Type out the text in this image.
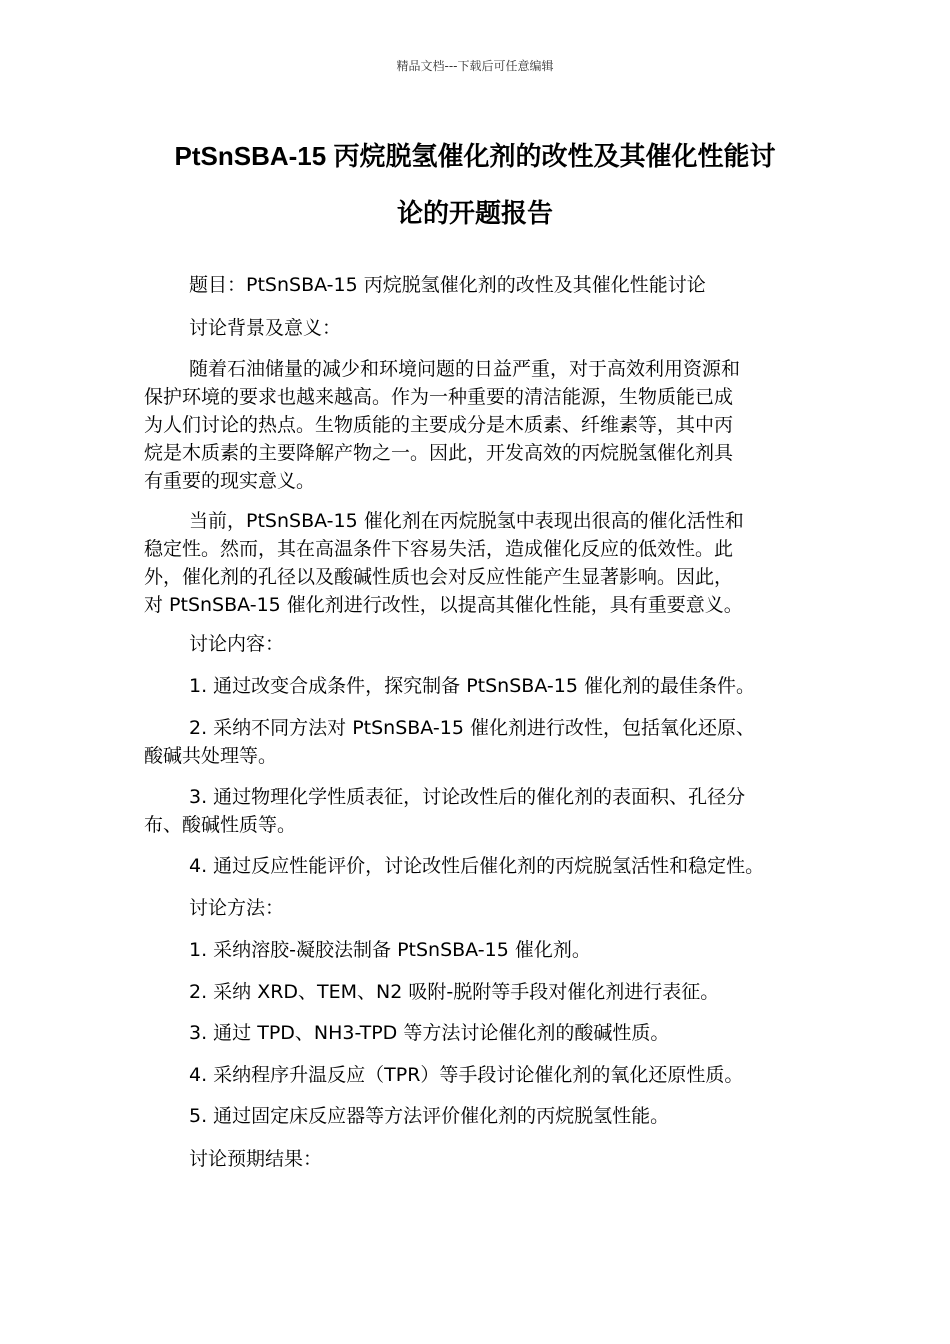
精品文档---下载后可任意编辑
PtSnSBA-15 丙烷脱氢催化剂的改性及其催化性能讨
论的开题报告
题目：PtSnSBA-15 丙烷脱氢催化剂的改性及其催化性能讨论
讨论背景及意义：
随着石油储量的减少和环境问题的日益严重，对于高效利用资源和
保护环境的要求也越来越高。作为一种重要的清洁能源，生物质能已成
为人们讨论的热点。生物质能的主要成分是木质素、纤维素等，其中丙
烷是木质素的主要降解产物之一。因此，开发高效的丙烷脱氢催化剂具
有重要的现实意义。
当前，PtSnSBA-15 催化剂在丙烷脱氢中表现出很高的催化活性和
稳定性。然而，其在高温条件下容易失活，造成催化反应的低效性。此
外，催化剂的孔径以及酸碱性质也会对反应性能产生显著影响。因此，
对 PtSnSBA-15 催化剂进行改性，以提高其催化性能，具有重要意义。
讨论内容：
1. 通过改变合成条件，探究制备 PtSnSBA-15 催化剂的最佳条件。
2. 采纳不同方法对 PtSnSBA-15 催化剂进行改性，包括氧化还原、
酸碱共处理等。
3. 通过物理化学性质表征，讨论改性后的催化剂的表面积、孔径分
布、酸碱性质等。
4. 通过反应性能评价，讨论改性后催化剂的丙烷脱氢活性和稳定性。
讨论方法：
1. 采纳溶胶-凝胶法制备 PtSnSBA-15 催化剂。
2. 采纳 XRD、TEM、N2 吸附-脱附等手段对催化剂进行表征。
3. 通过 TPD、NH3-TPD 等方法讨论催化剂的酸碱性质。
4. 采纳程序升温反应（TPR）等手段讨论催化剂的氧化还原性质。
5. 通过固定床反应器等方法评价催化剂的丙烷脱氢性能。
讨论预期结果：
